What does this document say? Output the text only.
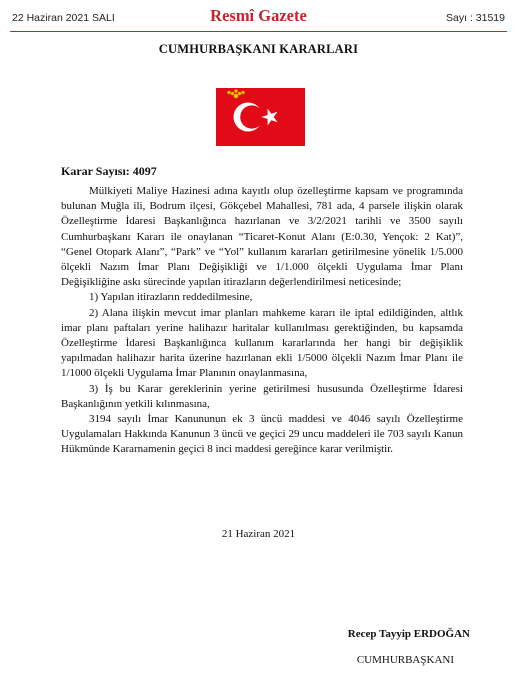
22 Haziran 2021 SALI	Resmî Gazete	Sayı : 31519
CUMHURBAŞKANI KARARLARI
Karar Sayısı: 4097

Mülkiyeti Maliye Hazinesi adına kayıtlı olup özelleştirme kapsam ve programında bulunan Muğla ili, Bodrum ilçesi, Gökçebel Mahallesi, 781 ada, 4 parsele ilişkin olarak Özelleştirme İdaresi Başkanlığınca hazırlanan ve 3/2/2021 tarihli ve 3500 sayılı Cumhurbaşkanı Kararı ile onaylanan “Ticaret-Konut Alanı (E:0.30, Yençok: 2 Kat)”, “Genel Otopark Alanı”, “Park” ve “Yol” kullanım kararları getirilmesine yönelik 1/5.000 ölçekli Nazım İmar Planı Değişikliği ve 1/1.000 ölçekli Uygulama İmar Planı Değişikliğine askı sürecinde yapılan itirazların değerlendirilmesi neticesinde;

1) Yapılan itirazların reddedilmesine,

2) Alana ilişkin mevcut imar planları mahkeme kararı ile iptal edildiğinden, altlık imar planı paftaları yerine halihazır haritalar kullanılması gerektiğinden, bu kapsamda Özelleştirme İdaresi Başkanlığınca kullanım kararlarında her hangi bir değişiklik yapılmadan halihazır harita üzerine hazırlanan ekli 1/5000 ölçekli Nazım İmar Planı ile 1/1000 ölçekli Uygulama İmar Planının onaylanmasına,

3) İş bu Karar gereklerinin yerine getirilmesi hususunda Özelleştirme İdaresi Başkanlığının yetkili kılınmasına,

3194 sayılı İmar Kanununun ek 3 üncü maddesi ve 4046 sayılı Özelleştirme Uygulamaları Hakkında Kanunun 3 üncü ve geçici 29 uncu maddeleri ile 703 sayılı Kanun Hükmünde Kararnamenin geçici 8 inci maddesi gereğince karar verilmiştir.

21 Haziran 2021
Recep Tayyip ERDOĞAN
CUMHURBAŞKANI
